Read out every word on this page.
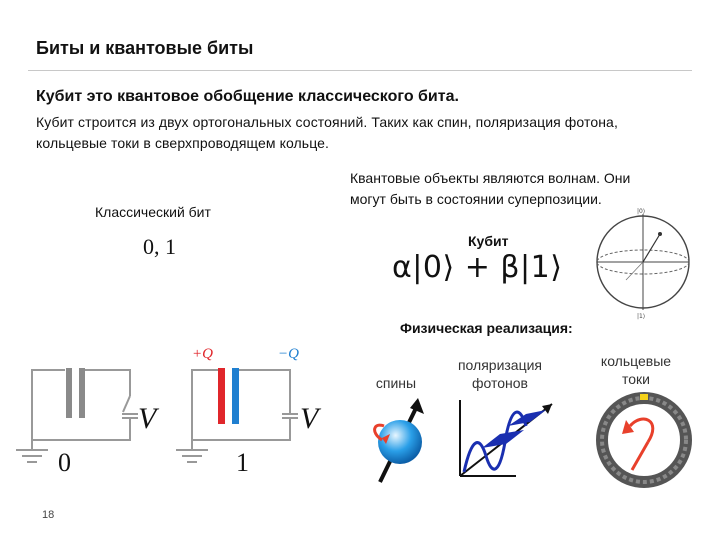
Биты и квантовые биты
Кубит это квантовое обобщение классического бита.
Кубит строится из двух ортогональных состояний. Таких как спин, поляризация фотона, кольцевые токи в сверхпроводящем кольце.
Квантовые объекты являются волнам. Они могут быть в состоянии суперпозиции.
Классический бит
0, 1	Кубит
α|0⟩ + β|1⟩
|0⟩
|1⟩
Физическая реализация:
спины
поляризация фотонов
кольцевые токи
V
0
+Q	−Q
V
1
18
